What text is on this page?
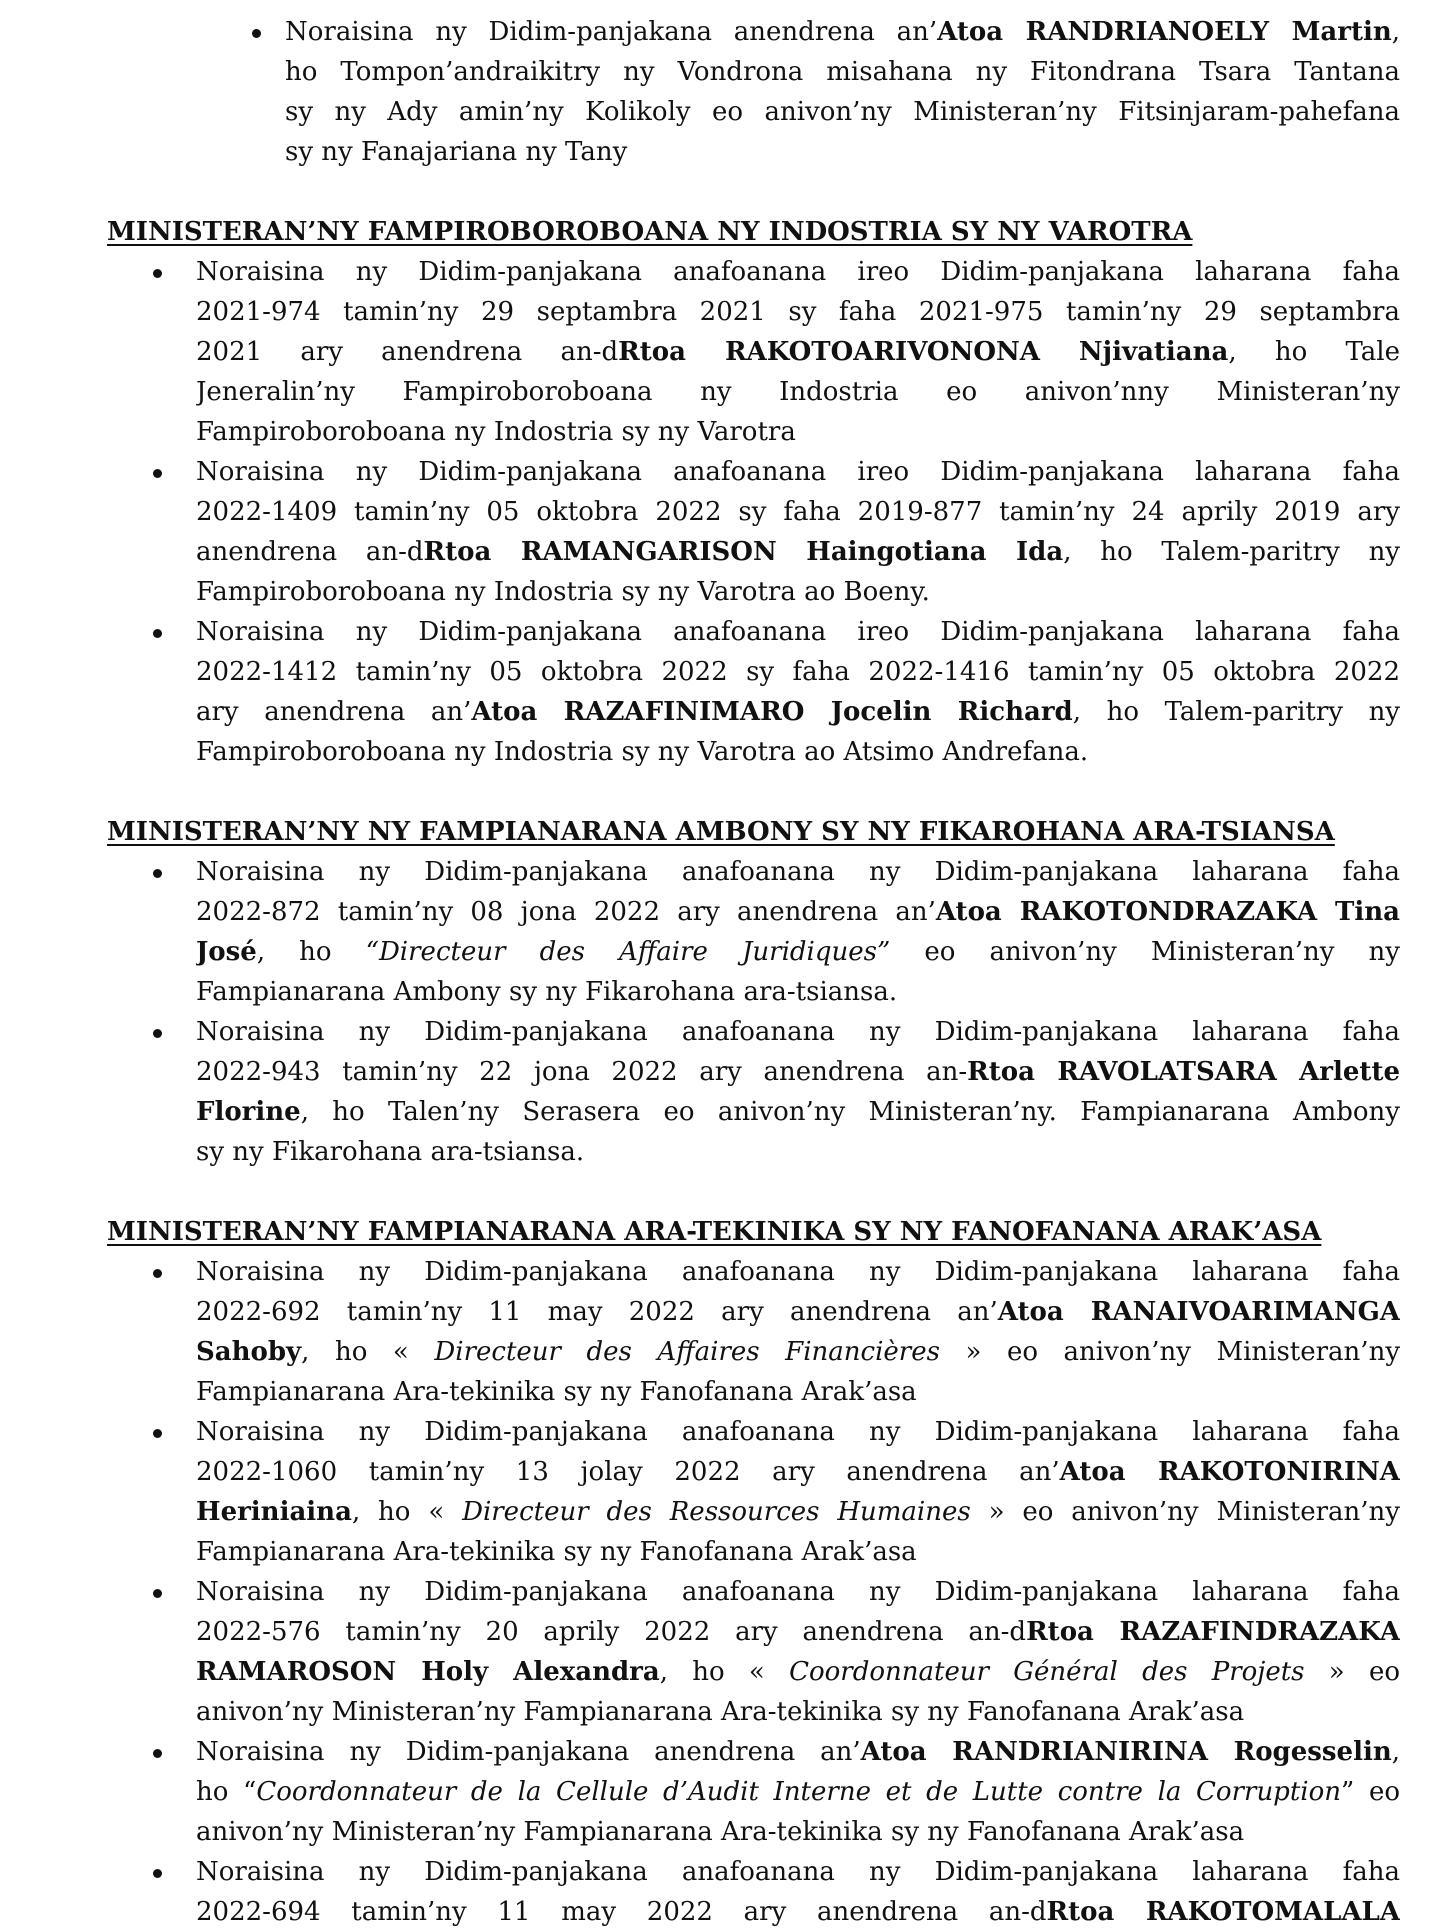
Noraisina ny Didim-panjakana anendrena an’Atoa RANDRIANOELY Martin,
ho Tompon’andraikitry ny Vondrona misahana ny Fitondrana Tsara Tantana
sy ny Ady amin’ny Kolikoly eo anivon’ny Ministeran’ny Fitsinjaram-pahefana
sy ny Fanajariana ny Tany
MINISTERAN’NY FAMPIROBOROBOANA NY INDOSTRIA SY NY VAROTRA
Noraisina ny Didim-panjakana anafoanana ireo Didim-panjakana laharana faha
2021-974 tamin’ny 29 septambra 2021 sy faha 2021-975 tamin’ny 29 septambra
2021 ary anendrena an-dRtoa RAKOTOARIVONONA Njivatiana, ho Tale
Jeneralin’ny Fampiroboroboana ny Indostria eo anivon’nny Ministeran’ny
Fampiroboroboana ny Indostria sy ny Varotra
Noraisina ny Didim-panjakana anafoanana ireo Didim-panjakana laharana faha
2022-1409 tamin’ny 05 oktobra 2022 sy faha 2019-877 tamin’ny 24 aprily 2019 ary
anendrena an-dRtoa RAMANGARISON Haingotiana Ida, ho Talem-paritry ny
Fampiroboroboana ny Indostria sy ny Varotra ao Boeny.
Noraisina ny Didim-panjakana anafoanana ireo Didim-panjakana laharana faha
2022-1412 tamin’ny 05 oktobra 2022 sy faha 2022-1416 tamin’ny 05 oktobra 2022
ary anendrena an’Atoa RAZAFINIMARO Jocelin Richard, ho Talem-paritry ny
Fampiroboroboana ny Indostria sy ny Varotra ao Atsimo Andrefana.
MINISTERAN’NY NY FAMPIANARANA AMBONY SY NY FIKAROHANA ARA-TSIANSA
Noraisina ny Didim-panjakana anafoanana ny Didim-panjakana laharana faha
2022-872 tamin’ny 08 jona 2022 ary anendrena an’Atoa RAKOTONDRAZAKA Tina
José, ho “Directeur des Affaire Juridiques” eo anivon’ny Ministeran’ny ny
Fampianarana Ambony sy ny Fikarohana ara-tsiansa.
Noraisina ny Didim-panjakana anafoanana ny Didim-panjakana laharana faha
2022-943 tamin’ny 22 jona 2022 ary anendrena an-Rtoa RAVOLATSARA Arlette
Florine, ho Talen’ny Serasera eo anivon’ny Ministeran’ny. Fampianarana Ambony
sy ny Fikarohana ara-tsiansa.
MINISTERAN’NY FAMPIANARANA ARA-TEKINIKA SY NY FANOFANANA ARAK’ASA
Noraisina ny Didim-panjakana anafoanana ny Didim-panjakana laharana faha
2022-692 tamin’ny 11 may 2022 ary anendrena an’Atoa RANAIVOARIMANGA
Sahoby, ho « Directeur des Affaires Financières » eo anivon’ny Ministeran’ny
Fampianarana Ara-tekinika sy ny Fanofanana Arak’asa
Noraisina ny Didim-panjakana anafoanana ny Didim-panjakana laharana faha
2022-1060 tamin’ny 13 jolay 2022 ary anendrena an’Atoa RAKOTONIRINA
Heriniaina, ho « Directeur des Ressources Humaines » eo anivon’ny Ministeran’ny
Fampianarana Ara-tekinika sy ny Fanofanana Arak’asa
Noraisina ny Didim-panjakana anafoanana ny Didim-panjakana laharana faha
2022-576 tamin’ny 20 aprily 2022 ary anendrena an-dRtoa RAZAFINDRAZAKA
RAMAROSON Holy Alexandra, ho « Coordonnateur Général des Projets » eo
anivon’ny Ministeran’ny Fampianarana Ara-tekinika sy ny Fanofanana Arak’asa
Noraisina ny Didim-panjakana anendrena an’Atoa RANDRIANIRINA Rogesselin,
ho “Coordonnateur de la Cellule d’Audit Interne et de Lutte contre la Corruption” eo
anivon’ny Ministeran’ny Fampianarana Ara-tekinika sy ny Fanofanana Arak’asa
Noraisina ny Didim-panjakana anafoanana ny Didim-panjakana laharana faha
2022-694 tamin’ny 11 may 2022 ary anendrena an-dRtoa RAKOTOMALALA
